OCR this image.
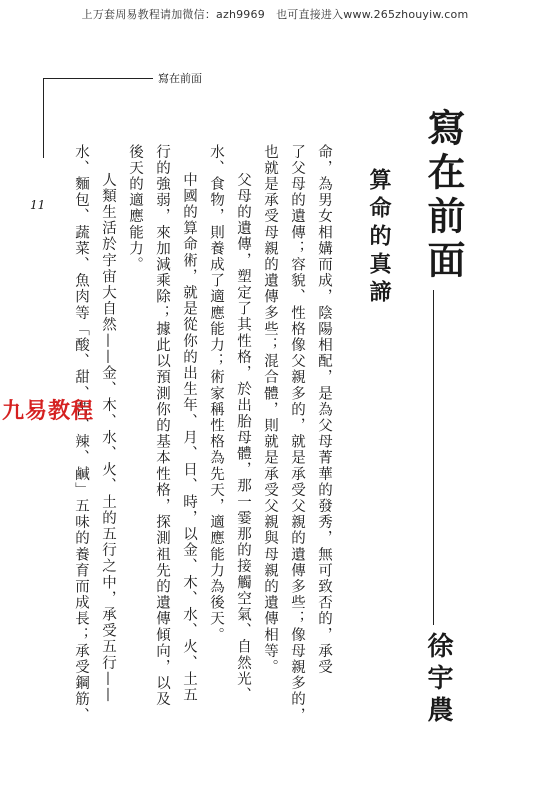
上万套周易教程请加微信：azh9969　也可直接进入www.265zhouyiw.com
寫在前面
11	寫在前面
徐宇農
算命的真諦
命，為男女相媾而成，陰陽相配，是為父母菁華的發秀，無可致否的，承受
了父母的遺傳；容貌、性格像父親多的，就是承受父親的遺傳多些；像母親多的，
也就是承受母親的遺傳多些；混合體，則就是承受父親與母親的遺傳相等。
父母的遺傳，塑定了其性格，於出胎母體，那一霎那的接觸空氣、自然光、
水、食物，則養成了適應能力；術家稱性格為先天，適應能力為後天。
中國的算命術，就是從你的出生年、月、日、時，以金、木、水、火、土五
行的強弱，來加減乘除；據此以預測你的基本性格，探測祖先的遺傳傾向，以及
後天的適應能力。
人類生活於宇宙大自然——金、木、水、火、土的五行之中，承受五行——
水、麵包、蔬菜、魚肉等「酸、甜、苦、辣、鹹」五味的養育而成長；承受鋼筋、
九易教程
